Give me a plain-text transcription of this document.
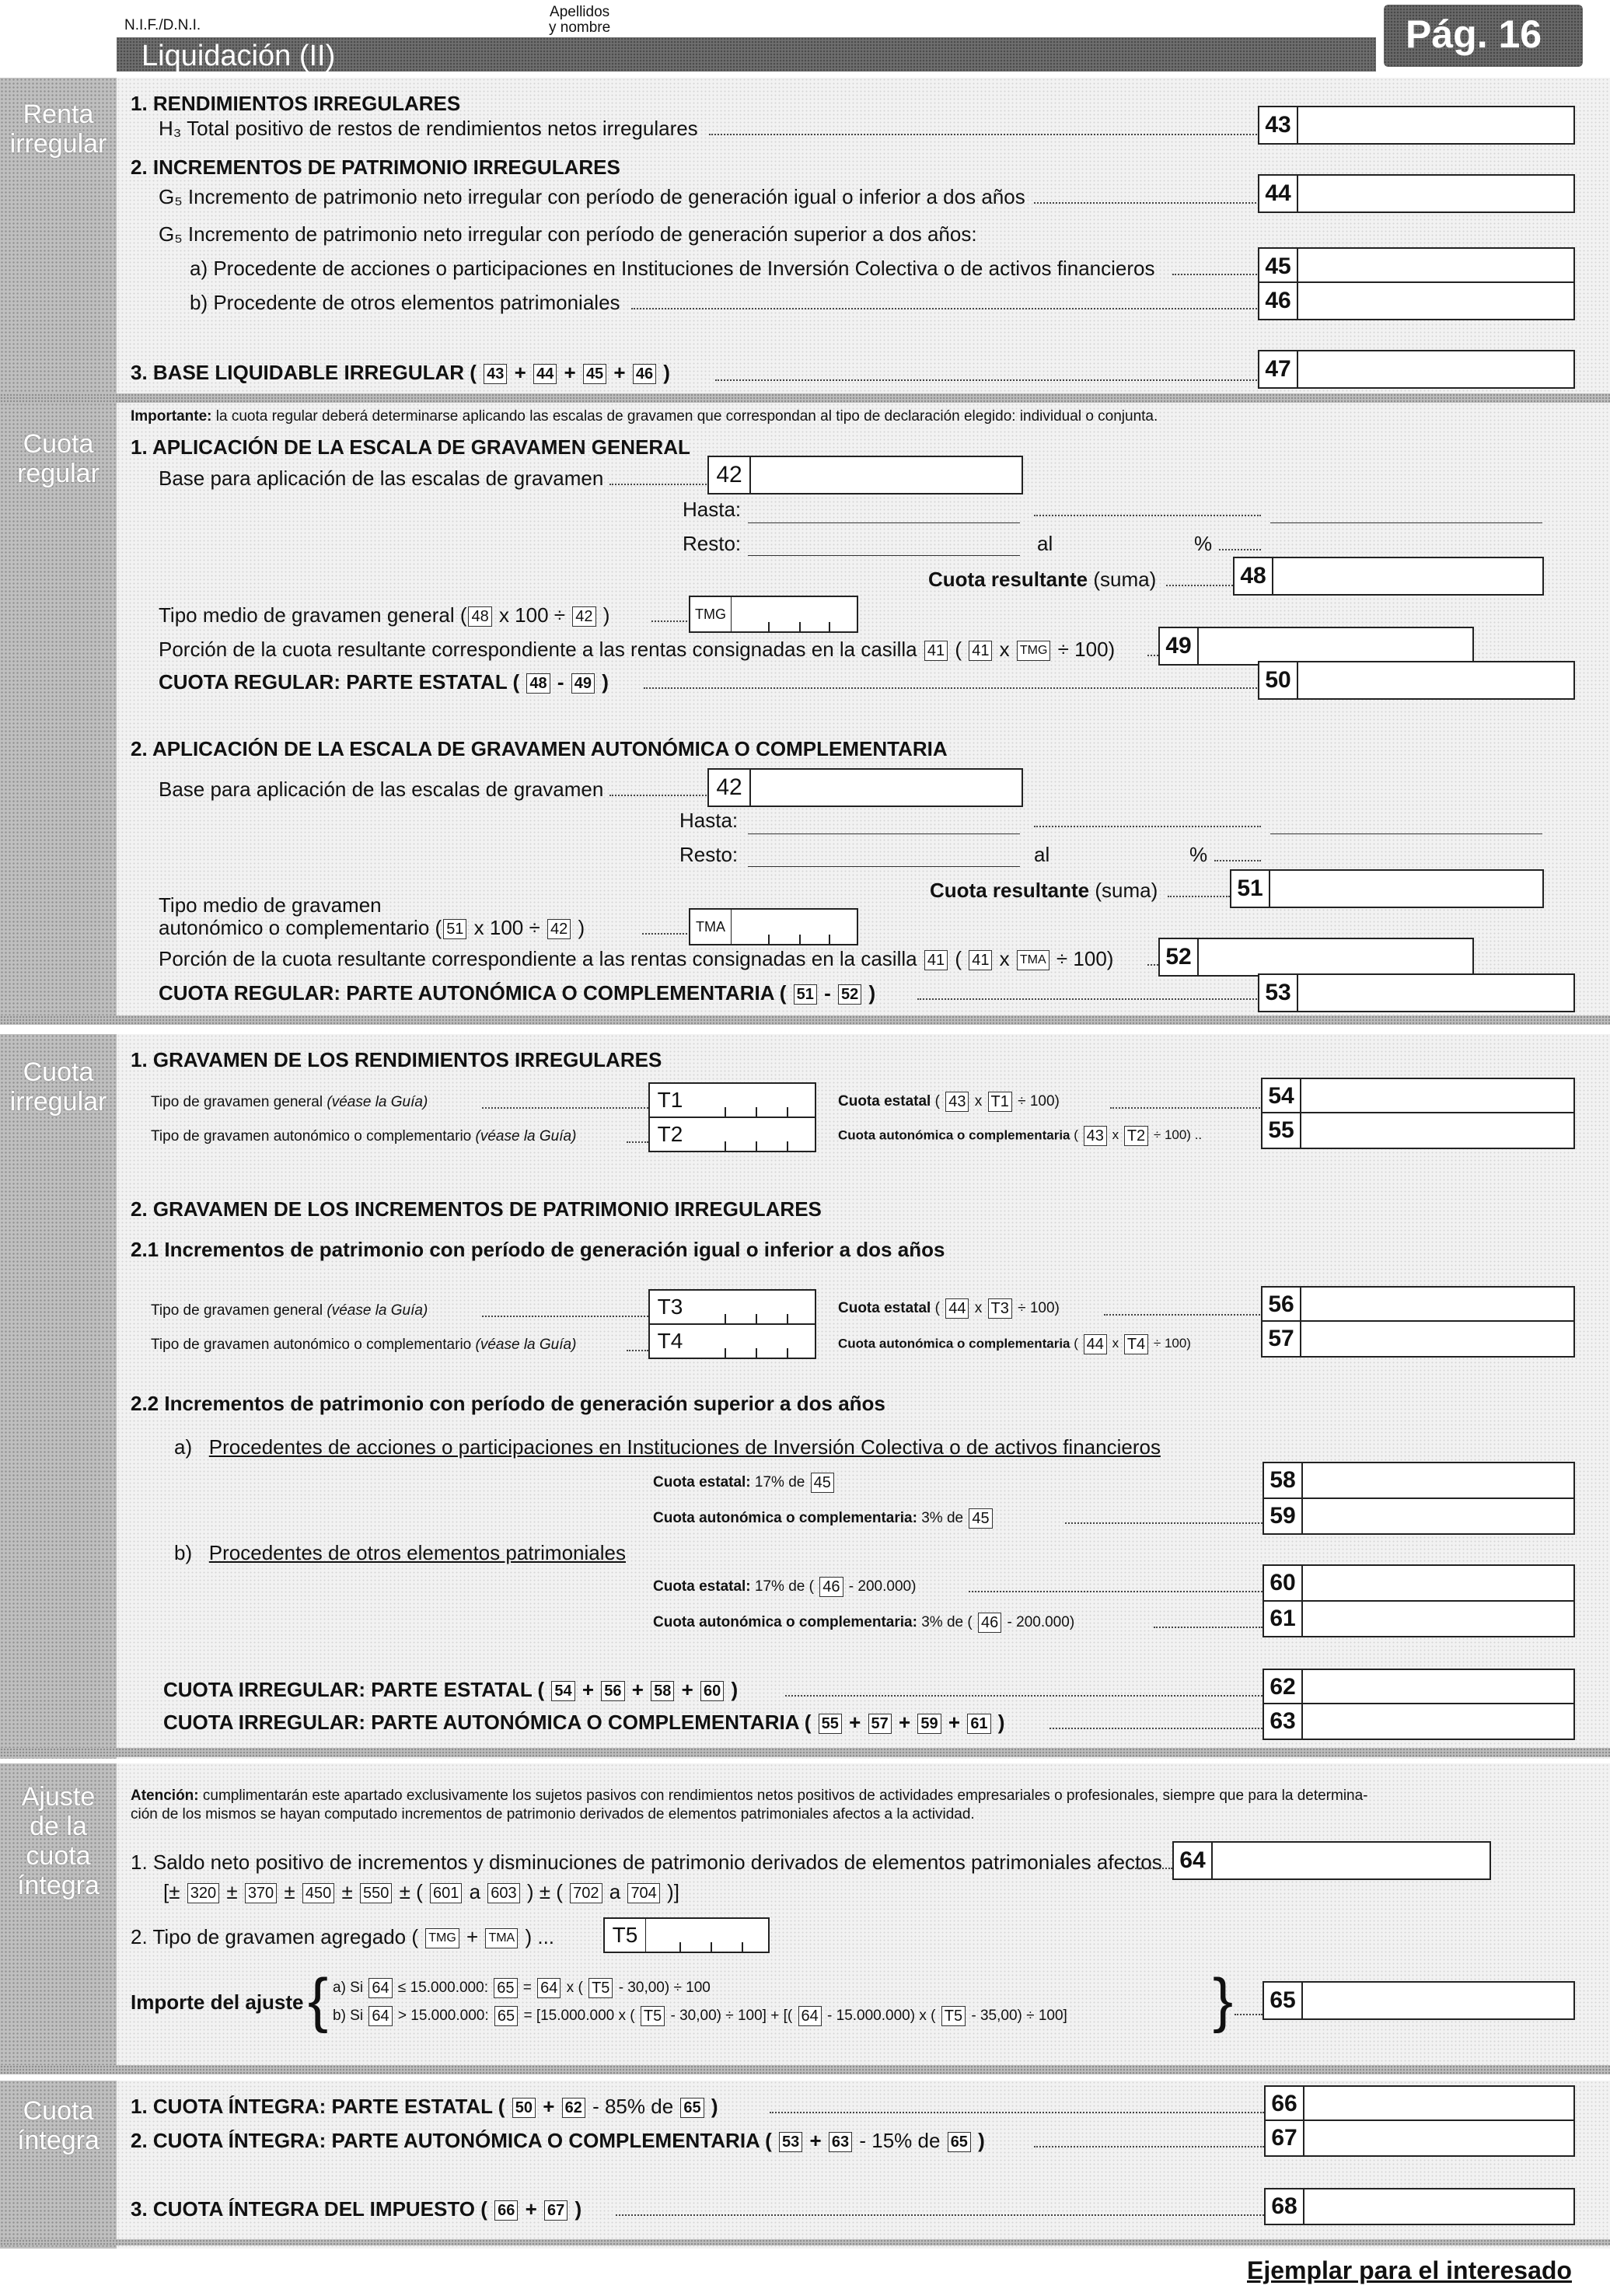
N.I.F./D.N.I.
Apellidos
y nombre
Liquidación (II)	Pág. 16
Renta
irregular
1. RENDIMIENTOS IRREGULARES
H₃ Total positivo de restos de rendimientos netos irregulares	43
2. INCREMENTOS DE PATRIMONIO IRREGULARES
G₅ Incremento de patrimonio neto irregular con período de generación igual o inferior a dos años	44
G₅ Incremento de patrimonio neto irregular con período de generación superior a dos años:
a) Procedente de acciones o participaciones en Instituciones de Inversión Colectiva o de activos financieros	45
b) Procedente de otros elementos patrimoniales	46
3. BASE LIQUIDABLE IRREGULAR ( 43 + 44 + 45 + 46 )	47
Cuota
regular
Importante: la cuota regular deberá determinarse aplicando las escalas de gravamen que correspondan al tipo de declaración elegido: individual o conjunta.
1. APLICACIÓN DE LA ESCALA DE GRAVAMEN GENERAL
Base para aplicación de las escalas de gravamen	42
Hasta:
Resto:	al	%
Cuota resultante (suma)	48
Tipo medio de gravamen general ( 48 x 100 ÷ 42 )	TMG
Porción de la cuota resultante correspondiente a las rentas consignadas en la casilla 41 ( 41 x TMG ÷ 100) 49
CUOTA REGULAR: PARTE ESTATAL ( 48 - 49 )	50
2. APLICACIÓN DE LA ESCALA DE GRAVAMEN AUTONÓMICA O COMPLEMENTARIA
Base para aplicación de las escalas de gravamen	42
Hasta:
Resto:	al	%
Cuota resultante (suma)	51
Tipo medio de gravamen
autonómico o complementario ( 51 x 100 ÷ 42 )	TMA
Porción de la cuota resultante correspondiente a las rentas consignadas en la casilla 41 ( 41 x TMA ÷ 100) 52
CUOTA REGULAR: PARTE AUTONÓMICA O COMPLEMENTARIA ( 51 - 52 )	53
Cuota
irregular
1. GRAVAMEN DE LOS RENDIMIENTOS IRREGULARES
Tipo de gravamen general (véase la Guía)	T1	Cuota estatal ( 43 x T1 ÷ 100)	54
Tipo de gravamen autonómico o complementario (véase la Guía)	T2	Cuota autonómica o complementaria ( 43 x T2 ÷ 100) ..	55
2. GRAVAMEN DE LOS INCREMENTOS DE PATRIMONIO IRREGULARES
2.1 Incrementos de patrimonio con período de generación igual o inferior a dos años
Tipo de gravamen general (véase la Guía)	T3	Cuota estatal ( 44 x T3 ÷ 100)	56
Tipo de gravamen autonómico o complementario (véase la Guía)	T4	Cuota autonómica o complementaria ( 44 x T4 ÷ 100)	57
2.2 Incrementos de patrimonio con período de generación superior a dos años
a)   Procedentes de acciones o participaciones en Instituciones de Inversión Colectiva o de activos financieros
Cuota estatal: 17% de 45	58
Cuota autonómica o complementaria: 3% de 45	59
b)   Procedentes de otros elementos patrimoniales
Cuota estatal: 17% de ( 46 - 200.000)	60
Cuota autonómica o complementaria: 3% de ( 46 - 200.000)	61
CUOTA IRREGULAR: PARTE ESTATAL ( 54 + 56 + 58 + 60 )	62
CUOTA IRREGULAR: PARTE AUTONÓMICA O COMPLEMENTARIA ( 55 + 57 + 59 + 61 )	63
Ajuste
de la
cuota
íntegra
Atención: cumplimentarán este apartado exclusivamente los sujetos pasivos con rendimientos netos positivos de actividades empresariales o profesionales, siempre que para la determina-
ción de los mismos se hayan computado incrementos de patrimonio derivados de elementos patrimoniales afectos a la actividad.
1. Saldo neto positivo de incrementos y disminuciones de patrimonio derivados de elementos patrimoniales afectos 64
[± 320 ± 370 ± 450 ± 550 ± ( 601 a 603 ) ± ( 702 a 704 )]
2. Tipo de gravamen agregado ( TMG + TMA ) ...	T5
Importe del ajuste { a) Si 64 ≤ 15.000.000: 65 = 64 x ( T5 - 30,00) ÷ 100
b) Si 64 > 15.000.000: 65 = [15.000.000 x ( T5 - 30,00) ÷ 100] + [( 64 - 15.000.000) x ( T5 - 35,00) ÷ 100] } 65
Cuota
íntegra
1. CUOTA ÍNTEGRA: PARTE ESTATAL ( 50 + 62 - 85% de 65 )	66
2. CUOTA ÍNTEGRA: PARTE AUTONÓMICA O COMPLEMENTARIA ( 53 + 63 - 15% de 65 )	67
3. CUOTA ÍNTEGRA DEL IMPUESTO ( 66 + 67 )	68
Ejemplar para el interesado
